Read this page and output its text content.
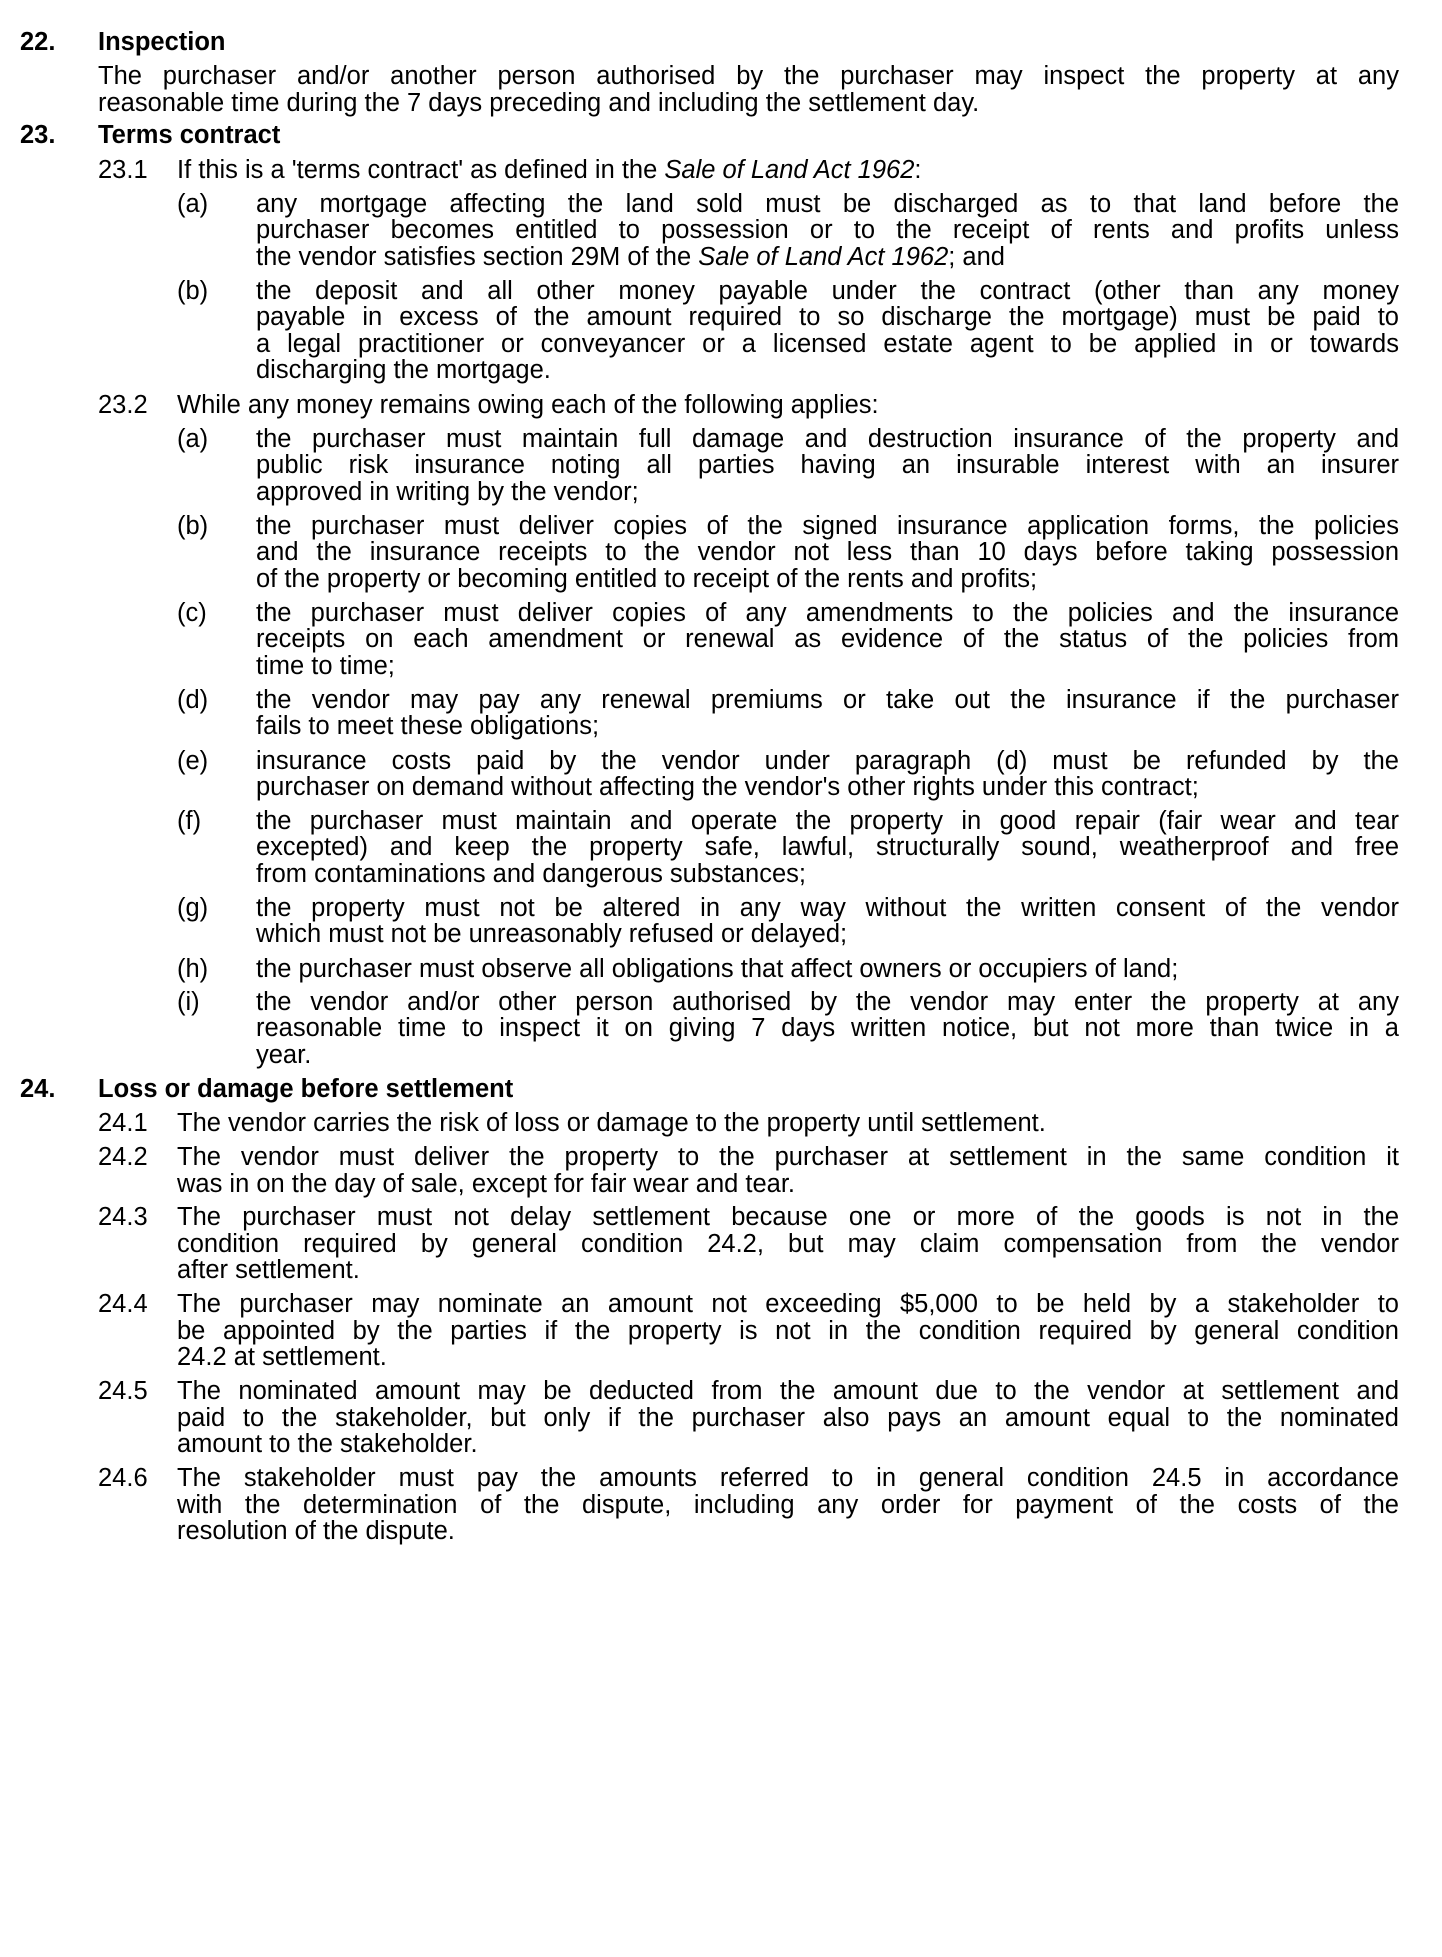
22. Inspection
The purchaser and/or another person authorised by the purchaser may inspect the property at any
reasonable time during the 7 days preceding and including the settlement day.
23. Terms contract
23.1 If this is a 'terms contract' as defined in the Sale of Land Act 1962:
(a) any mortgage affecting the land sold must be discharged as to that land before the
purchaser becomes entitled to possession or to the receipt of rents and profits unless
the vendor satisfies section 29M of the Sale of Land Act 1962; and
(b) the deposit and all other money payable under the contract (other than any money
payable in excess of the amount required to so discharge the mortgage) must be paid to
a legal practitioner or conveyancer or a licensed estate agent to be applied in or towards
discharging the mortgage.
23.2 While any money remains owing each of the following applies:
(a) the purchaser must maintain full damage and destruction insurance of the property and
public risk insurance noting all parties having an insurable interest with an insurer
approved in writing by the vendor;
(b) the purchaser must deliver copies of the signed insurance application forms, the policies
and the insurance receipts to the vendor not less than 10 days before taking possession
of the property or becoming entitled to receipt of the rents and profits;
(c) the purchaser must deliver copies of any amendments to the policies and the insurance
receipts on each amendment or renewal as evidence of the status of the policies from
time to time;
(d) the vendor may pay any renewal premiums or take out the insurance if the purchaser
fails to meet these obligations;
(e) insurance costs paid by the vendor under paragraph (d) must be refunded by the
purchaser on demand without affecting the vendor's other rights under this contract;
(f) the purchaser must maintain and operate the property in good repair (fair wear and tear
excepted) and keep the property safe, lawful, structurally sound, weatherproof and free
from contaminations and dangerous substances;
(g) the property must not be altered in any way without the written consent of the vendor
which must not be unreasonably refused or delayed;
(h) the purchaser must observe all obligations that affect owners or occupiers of land;
(i) the vendor and/or other person authorised by the vendor may enter the property at any
reasonable time to inspect it on giving 7 days written notice, but not more than twice in a
year.
24. Loss or damage before settlement
24.1 The vendor carries the risk of loss or damage to the property until settlement.
24.2 The vendor must deliver the property to the purchaser at settlement in the same condition it
was in on the day of sale, except for fair wear and tear.
24.3 The purchaser must not delay settlement because one or more of the goods is not in the
condition required by general condition 24.2, but may claim compensation from the vendor
after settlement.
24.4 The purchaser may nominate an amount not exceeding $5,000 to be held by a stakeholder to
be appointed by the parties if the property is not in the condition required by general condition
24.2 at settlement.
24.5 The nominated amount may be deducted from the amount due to the vendor at settlement and
paid to the stakeholder, but only if the purchaser also pays an amount equal to the nominated
amount to the stakeholder.
24.6 The stakeholder must pay the amounts referred to in general condition 24.5 in accordance
with the determination of the dispute, including any order for payment of the costs of the
resolution of the dispute.
